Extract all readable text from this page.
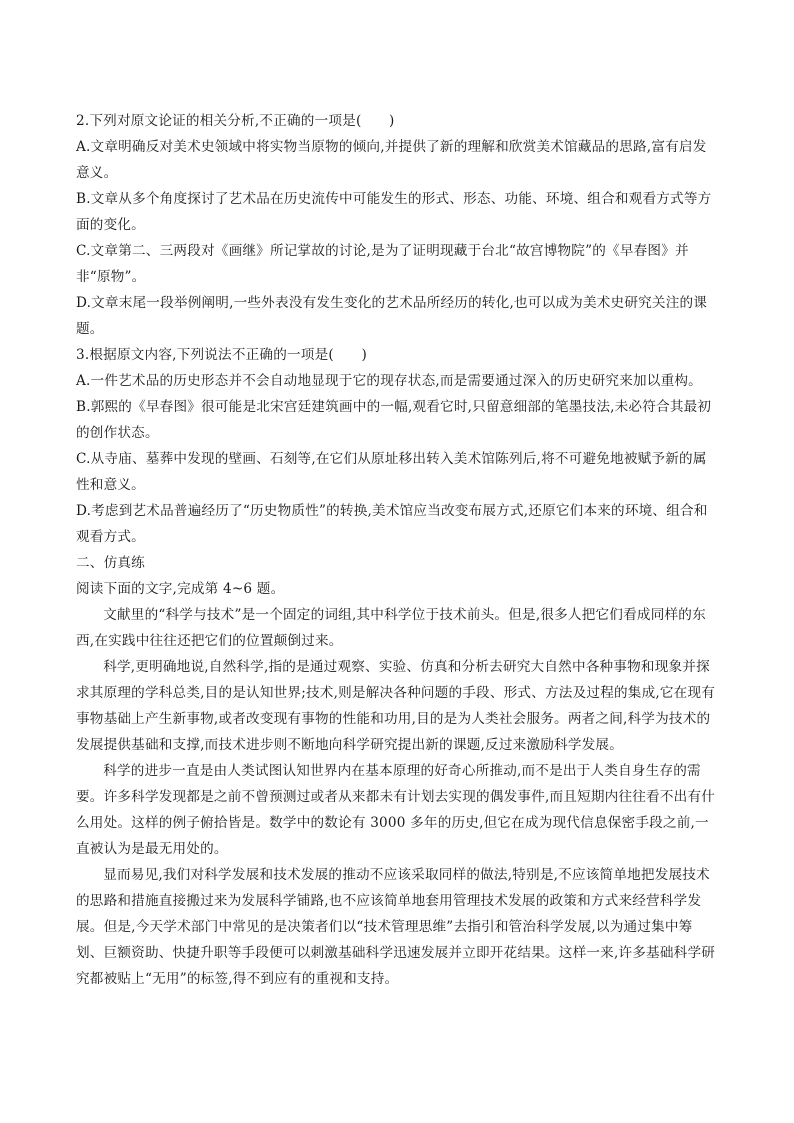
2.下列对原文论证的相关分析,不正确的一项是(　　)

A.文章明确反对美术史领域中将实物当原物的倾向,并提供了新的理解和欣赏美术馆藏品的思路,富有启发意义。

B.文章从多个角度探讨了艺术品在历史流传中可能发生的形式、形态、功能、环境、组合和观看方式等方面的变化。

C.文章第二、三两段对《画继》所记掌故的讨论,是为了证明现藏于台北“故宫博物院”的《早春图》并非“原物”。

D.文章末尾一段举例阐明,一些外表没有发生变化的艺术品所经历的转化,也可以成为美术史研究关注的课题。

3.根据原文内容,下列说法不正确的一项是(　　)

A.一件艺术品的历史形态并不会自动地显现于它的现存状态,而是需要通过深入的历史研究来加以重构。

B.郭熙的《早春图》很可能是北宋宫廷建筑画中的一幅,观看它时,只留意细部的笔墨技法,未必符合其最初的创作状态。

C.从寺庙、墓葬中发现的壁画、石刻等,在它们从原址移出转入美术馆陈列后,将不可避免地被赋予新的属性和意义。

D.考虑到艺术品普遍经历了“历史物质性”的转换,美术馆应当改变布展方式,还原它们本来的环境、组合和观看方式。

二、仿真练

阅读下面的文字,完成第 4~6 题。

文献里的“科学与技术”是一个固定的词组,其中科学位于技术前头。但是,很多人把它们看成同样的东西,在实践中往往还把它们的位置颠倒过来。

科学,更明确地说,自然科学,指的是通过观察、实验、仿真和分析去研究大自然中各种事物和现象并探求其原理的学科总类,目的是认知世界;技术,则是解决各种问题的手段、形式、方法及过程的集成,它在现有事物基础上产生新事物,或者改变现有事物的性能和功用,目的是为人类社会服务。两者之间,科学为技术的发展提供基础和支撑,而技术进步则不断地向科学研究提出新的课题,反过来激励科学发展。

科学的进步一直是由人类试图认知世界内在基本原理的好奇心所推动,而不是出于人类自身生存的需要。许多科学发现都是之前不曾预测过或者从来都未有计划去实现的偶发事件,而且短期内往往看不出有什么用处。这样的例子俯拾皆是。数学中的数论有 3000 多年的历史,但它在成为现代信息保密手段之前,一直被认为是最无用处的。

显而易见,我们对科学发展和技术发展的推动不应该采取同样的做法,特别是,不应该简单地把发展技术的思路和措施直接搬过来为发展科学铺路,也不应该简单地套用管理技术发展的政策和方式来经营科学发展。但是,今天学术部门中常见的是决策者们以“技术管理思维”去指引和管治科学发展,以为通过集中筹划、巨额资助、快捷升职等手段便可以刺激基础科学迅速发展并立即开花结果。这样一来,许多基础科学研究都被贴上“无用”的标签,得不到应有的重视和支持。
